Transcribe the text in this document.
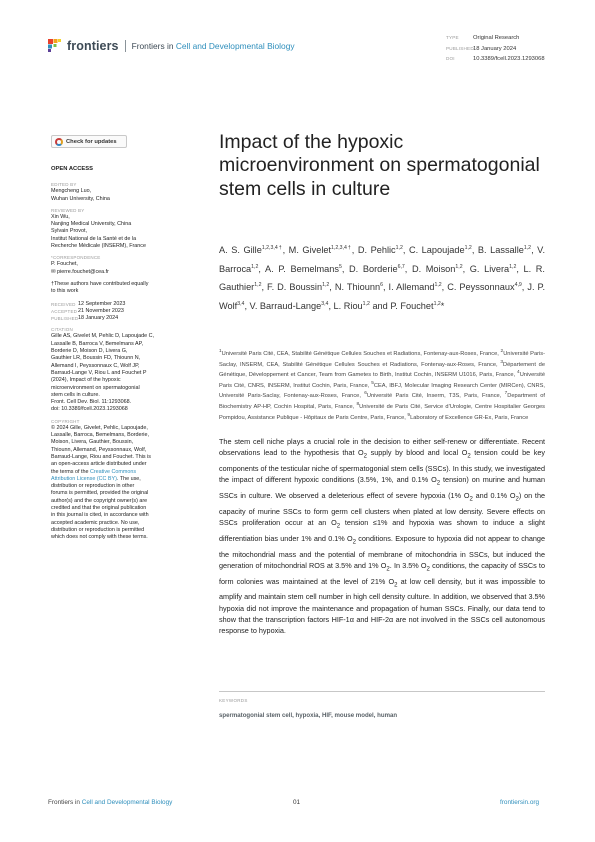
frontiers Frontiers in Cell and Developmental Biology
TYPE Original Research
PUBLISHED18 January 2024
DOI	10.3389/fcell.2023.1293068
Check for updates
OPEN ACCESS
EDITED BY
Mengcheng Luo,
Wuhan University, China
REVIEWED BY
Xin Wu,
Nanjing Medical University, China
Sylvain Provot,
Institut National de la Santé et de la
Recherche Médicale (INSERM), France
*CORRESPONDENCE
P. Fouchet,
✉ pierre.fouchet@cea.fr
†These authors have contributed equally
to this work
RECEIVED 12 September 2023
ACCEPTED 21 November 2023
PUBLISHED 18 January 2024
CITATION
Gille AS, Givelet M, Pehlic D, Lapoujade C,
Lassalle B, Barroca V, Bemelmans AP,
Borderie D, Moison D, Livera G,
Gauthier LR, Boussin FD, Thiounn N,
Allemand I, Peyssonnaux C, Wolf JP,
Barraud-Lange V, Riou L and Fouchet P
(2024), Impact of the hypoxic
microenvironment on spermatogonial
stem cells in culture.
Front. Cell Dev. Biol. 11:1293068.
doi: 10.3389/fcell.2023.1293068
COPYRIGHT
© 2024 Gille, Givelet, Pehlic, Lapoujade,
Lassalle, Barroca, Bemelmans, Borderie,
Moison, Livera, Gauthier, Boussin,
Thiounn, Allemand, Peyssonnaux, Wolf,
Barraud-Lange, Riou and Fouchet. This is
an open-access article distributed under
the terms of the Creative Commons
Attribution License (CC BY). The use,
distribution or reproduction in other
forums is permitted, provided the original
author(s) and the copyright owner(s) are
credited and that the original publication
in this journal is cited, in accordance with
accepted academic practice. No use,
distribution or reproduction is permitted
which does not comply with these terms.
Impact of the hypoxic microenvironment on spermatogonial stem cells in culture
A. S. Gille$^{1,2,3,4\dagger}$, M. Givelet$^{1,2,3,4\dagger}$, D. Pehlic$^{1,2}$, C. Lapoujade$^{1,2}$, B. Lassalle$^{1,2}$, V. Barroca$^{1,2}$, A. P. Bemelmans$^5$, D. Borderie$^{6,7}$, D. Moison$^{1,2}$, G. Livera$^{1,2}$, L. R. Gauthier$^{1,2}$, F. D. Boussin$^{1,2}$, N. Thiounn$^6$, I. Allemand$^{1,2}$, C. Peyssonnaux$^{4,9}$, J. P. Wolf$^{3,4}$, V. Barraud-Lange$^{3,4}$, L. Riou$^{1,2}$ and P. Fouchet$^{1,2}$*
$^1$Université Paris Cité, CEA, Stabilité Génétique Cellules Souches et Radiations, Fontenay-aux-Roses, France, $^2$Université Paris-Saclay, INSERM, CEA, Stabilité Génétique Cellules Souches et Radiations, Fontenay-aux-Roses, France, $^3$Département de Génétique, Développement et Cancer, Team from Gametes to Birth, Institut Cochin, INSERM U1016, Paris, France, $^4$Université Paris Cité, CNRS, INSERM, Institut Cochin, Paris, France, $^5$CEA, IBFJ, Molecular Imaging Research Center (MIRCen), CNRS, Université Paris-Saclay, Fontenay-aux-Roses, France, $^6$Université Paris Cité, Inserm, T3S, Paris, France, $^7$Department of Biochemistry AP-HP, Cochin Hospital, Paris, France, $^8$Université de Paris Cité, Service d’Urologie, Centre Hospitalier Georges Pompidou, Assistance Publique - Hôpitaux de Paris Centre, Paris, France, $^9$Laboratory of Excellence GR-Ex, Paris, France
The stem cell niche plays a crucial role in the decision to either self-renew or differentiate. Recent observations lead to the hypothesis that $O_2$ supply by blood and local $O_2$ tension could be key components of the testicular niche of spermatogonial stem cells (SSCs). In this study, we investigated the impact of different hypoxic conditions (3.5%, 1%, and 0.1% $O_2$ tension) on murine and human SSCs in culture. We observed a deleterious effect of severe hypoxia (1% $O_2$ and 0.1% $O_2$) on the capacity of murine SSCs to form germ cell clusters when plated at low density. Severe effects on SSCs proliferation occur at an $O_2$ tension ≤1% and hypoxia was shown to induce a slight differentiation bias under 1% and 0.1% $O_2$ conditions. Exposure to hypoxia did not appear to change the mitochondrial mass and the potential of membrane of mitochondria in SSCs, but induced the generation of mitochondrial ROS at 3.5% and 1% $O_2$. In 3.5% $O_2$ conditions, the capacity of SSCs to form colonies was maintained at the level of 21% $O_2$ at low cell density, but it was impossible to amplify and maintain stem cell number in high cell density culture. In addition, we observed that 3.5% hypoxia did not improve the maintenance and propagation of human SSCs. Finally, our data tend to show that the transcription factors HIF-1α and HIF-2α are not involved in the SSCs cell autonomous response to hypoxia.
KEYWORDS
spermatogonial stem cell, hypoxia, HIF, mouse model, human
Frontiers in Cell and Developmental Biology	01	frontiersin.org
